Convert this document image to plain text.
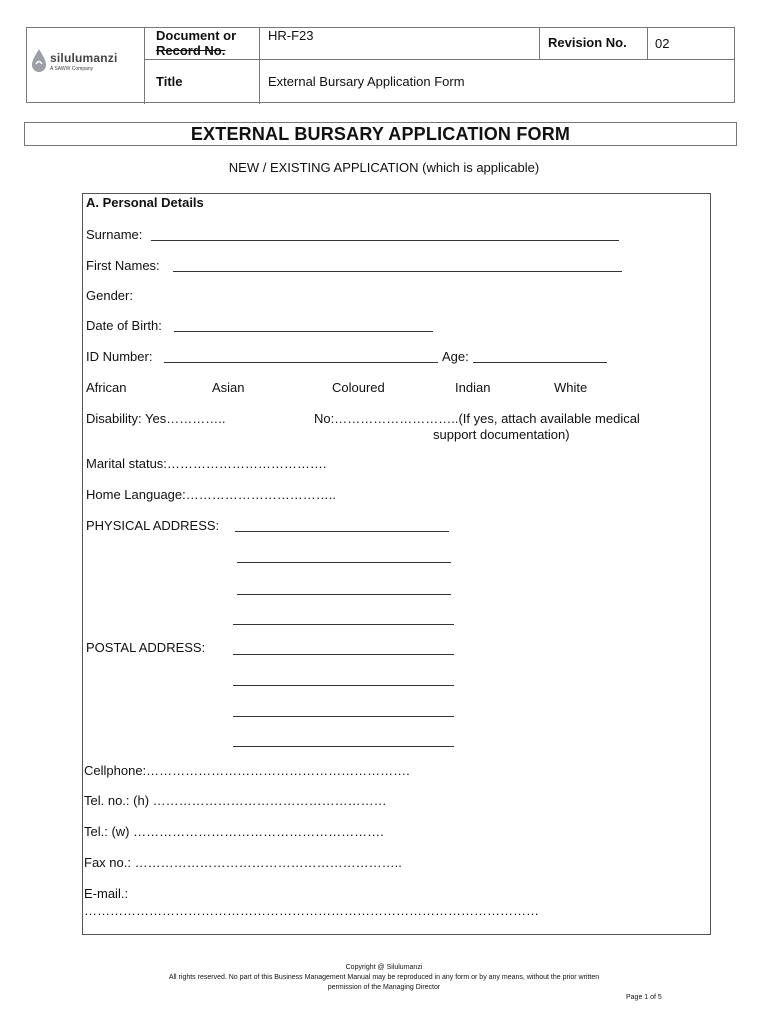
silulumanzi
A SAWW Company
Document or
Record No.
HR-F23	Revision No. 02
Title	External Bursary Application Form
EXTERNAL BURSARY APPLICATION FORM
NEW / EXISTING APPLICATION (which is applicable)
A. Personal Details
Surname:
First Names:
Gender:
Date of Birth:
ID Number:	Age:
African	Asian	Coloured	Indian	White
Disability: Yes…………..	No:………………………..(If yes, attach available medical
support documentation)
Marital status:……………………………….
Home Language:……………………………..
PHYSICAL ADDRESS:
POSTAL ADDRESS:
Cellphone:…………………………………………………….
Tel. no.: (h) ………………………………………………
Tel.: (w) ………………………………………………….
Fax no.: ……………………………………………………..
E-mail.:
……………………………………………………………………………………………
Copyright @ Silulumanzi
All rights reserved. No part of this Business Management Manual may be reproduced in any form or by any means, without the prior written
permission of the Managing Director
Page 1 of 5
